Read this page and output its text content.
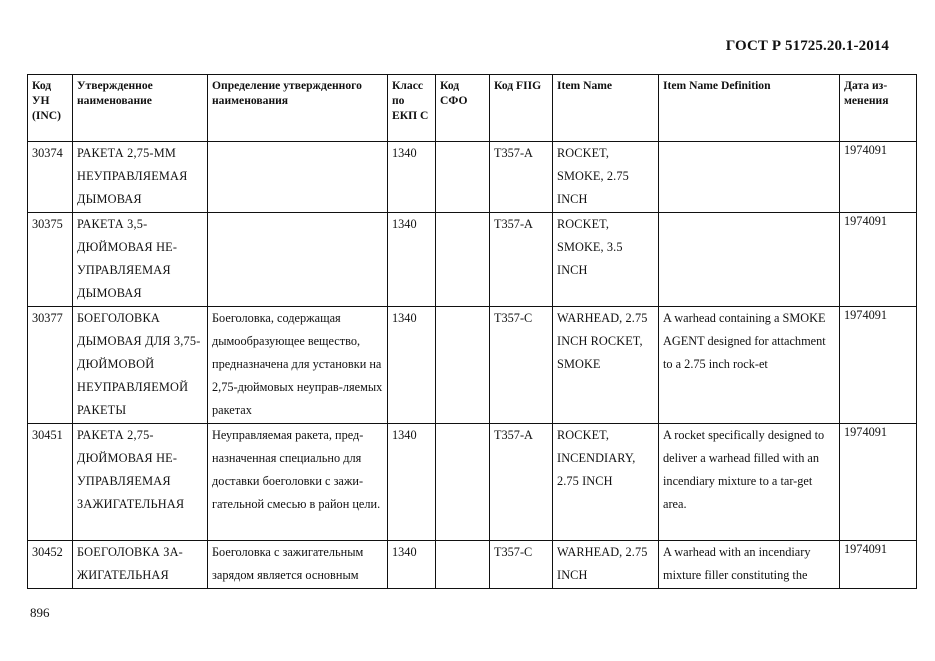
ГОСТ Р 51725.20.1-2014
Код УН (INC)	Утвержденное наименование	Определение утвержденного наименования	Класс по ЕКП С	Код СФО	Код FIIG	Item Name	Item Name Definition	Дата из-менения
30374	РАКЕТА 2,75-ММ НЕУПРАВЛЯЕМАЯ ДЫМОВАЯ		1340		T357-A	ROCKET, SMOKE, 2.75 INCH		1974091
30375	РАКЕТА 3,5-ДЮЙМОВАЯ НЕ-УПРАВЛЯЕМАЯ ДЫМОВАЯ		1340		T357-A	ROCKET, SMOKE, 3.5 INCH		1974091
30377	БОЕГОЛОВКА ДЫМОВАЯ ДЛЯ 3,75-ДЮЙМОВОЙ НЕУПРАВЛЯЕМОЙ РАКЕТЫ	Боеголовка, содержащая дымообразующее вещество, предназначена для установки на 2,75-дюймовых неуправ-ляемых ракетах	1340		T357-C	WARHEAD, 2.75 INCH ROCKET, SMOKE	A warhead containing a SMOKE AGENT designed for attachment to a 2.75 inch rock-et	1974091
30451	РАКЕТА 2,75-ДЮЙМОВАЯ НЕ-УПРАВЛЯЕМАЯ ЗАЖИГАТЕЛЬНАЯ	Неуправляемая ракета, пред-назначенная специально для доставки боеголовки с зажи-гательной смесью в район цели.	1340		T357-A	ROCKET, INCENDIARY, 2.75 INCH	A rocket specifically designed to deliver a warhead filled with an incendiary mixture to a tar-get area.	1974091
30452	БОЕГОЛОВКА ЗА-ЖИГАТЕЛЬНАЯ	Боеголовка с зажигательным зарядом является основным	1340		T357-C	WARHEAD, 2.75 INCH	A warhead with an incendiary mixture filler constituting the	1974091
896
